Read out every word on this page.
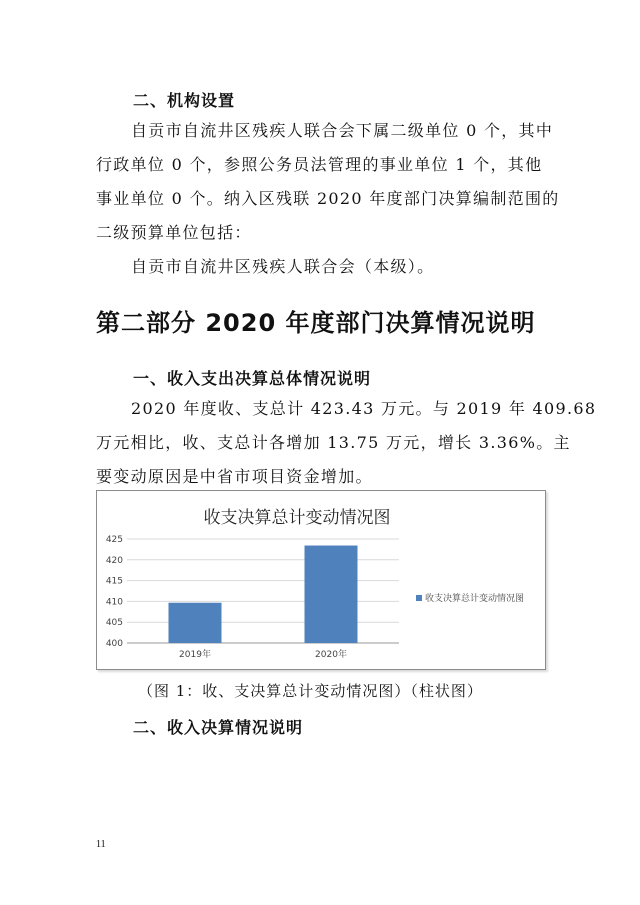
二、机构设置
自贡市自流井区残疾人联合会下属二级单位 0 个，其中
行政单位 0 个，参照公务员法管理的事业单位 1 个，其他
事业单位 0 个。纳入区残联 2020 年度部门决算编制范围的
二级预算单位包括：
自贡市自流井区残疾人联合会（本级）。
第二部分 2020 年度部门决算情况说明
一、收入支出决算总体情况说明
2020 年度收、支总计 423.43 万元。与 2019 年 409.68
万元相比，收、支总计各增加 13.75 万元，增长 3.36%。主
要变动原因是中省市项目资金增加。
收支决算总计变动情况图
400
405
410
415
420
425
2019年	2020年
收支决算总计变动情况图
（图 1：收、支决算总计变动情况图）（柱状图）
二、收入决算情况说明
11
